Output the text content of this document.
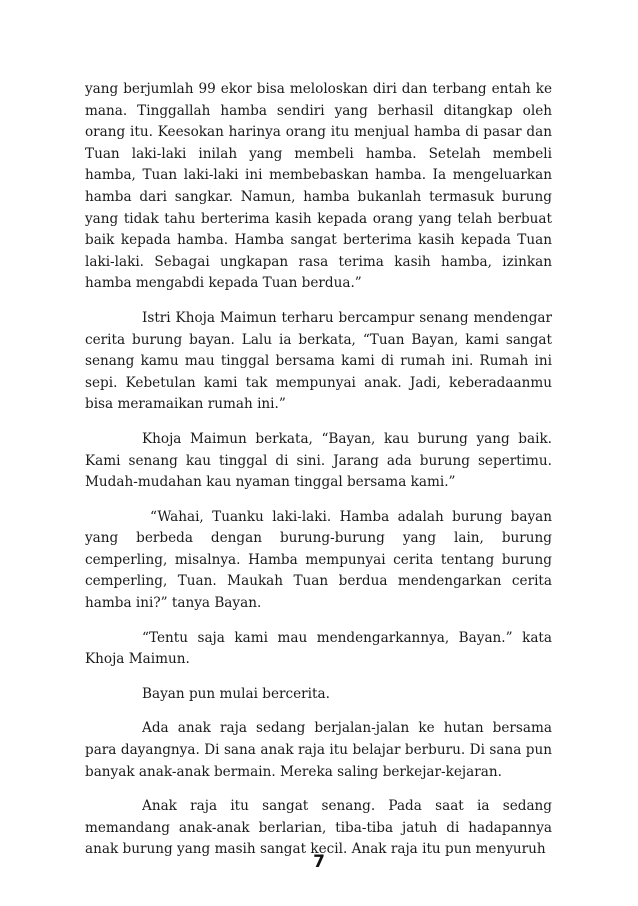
yang berjumlah 99 ekor bisa meloloskan diri dan terbang entah ke mana. Tinggallah hamba sendiri yang berhasil ditangkap oleh orang itu. Keesokan harinya orang itu menjual hamba di pasar dan Tuan laki-laki inilah yang membeli hamba. Setelah membeli hamba, Tuan laki-laki ini membebaskan hamba. Ia mengeluarkan hamba dari sangkar. Namun, hamba bukanlah termasuk burung yang tidak tahu berterima kasih kepada orang yang telah berbuat baik kepada hamba. Hamba sangat berterima kasih kepada Tuan laki-laki. Sebagai ungkapan rasa terima kasih hamba, izinkan hamba mengabdi kepada Tuan berdua.”

Istri Khoja Maimun terharu bercampur senang mendengar cerita burung bayan. Lalu ia berkata, “Tuan Bayan, kami sangat senang kamu mau tinggal bersama kami di rumah ini. Rumah ini sepi. Kebetulan kami tak mempunyai anak. Jadi, keberadaanmu bisa meramaikan rumah ini.”

Khoja Maimun berkata, “Bayan, kau burung yang baik. Kami senang kau tinggal di sini. Jarang ada burung sepertimu. Mudah-mudahan kau nyaman tinggal bersama kami.”

“Wahai, Tuanku laki-laki. Hamba adalah burung bayan yang berbeda dengan burung-burung yang lain, burung cemperling, misalnya. Hamba mempunyai cerita tentang burung cemperling, Tuan. Maukah Tuan berdua mendengarkan cerita hamba ini?” tanya Bayan.

“Tentu saja kami mau mendengarkannya, Bayan.” kata Khoja Maimun.

Bayan pun mulai bercerita.

Ada anak raja sedang berjalan-jalan ke hutan bersama para dayangnya. Di sana anak raja itu belajar berburu. Di sana pun banyak anak-anak bermain. Mereka saling berkejar-kejaran.

Anak raja itu sangat senang. Pada saat ia sedang memandang anak-anak berlarian, tiba-tiba jatuh di hadapannya anak burung yang masih sangat kecil. Anak raja itu pun menyuruh

7
